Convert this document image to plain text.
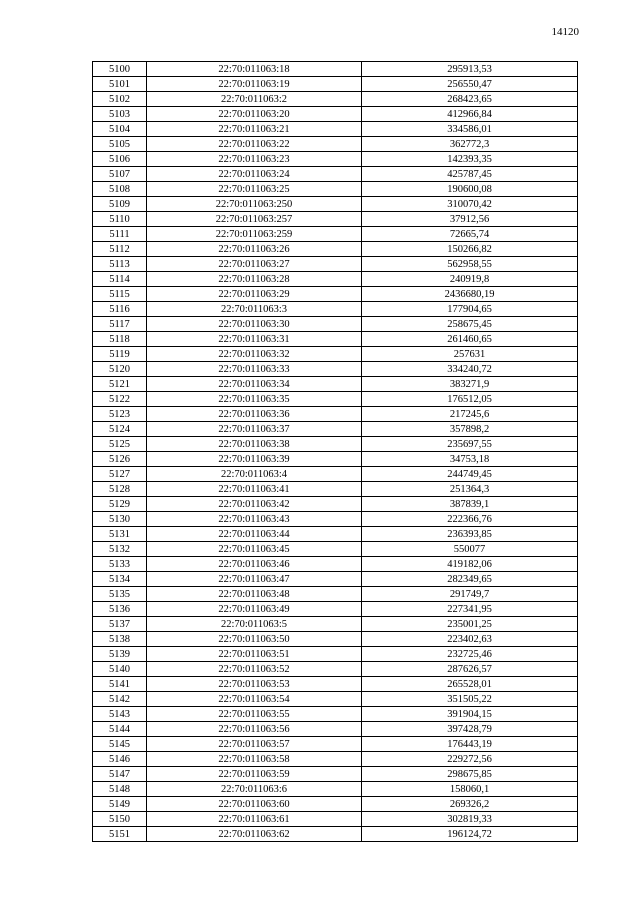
14120
5100	22:70:011063:18	295913,53
5101	22:70:011063:19	256550,47
5102	22:70:011063:2	268423,65
5103	22:70:011063:20	412966,84
5104	22:70:011063:21	334586,01
5105	22:70:011063:22	362772,3
5106	22:70:011063:23	142393,35
5107	22:70:011063:24	425787,45
5108	22:70:011063:25	190600,08
5109	22:70:011063:250	310070,42
5110	22:70:011063:257	37912,56
5111	22:70:011063:259	72665,74
5112	22:70:011063:26	150266,82
5113	22:70:011063:27	562958,55
5114	22:70:011063:28	240919,8
5115	22:70:011063:29	2436680,19
5116	22:70:011063:3	177904,65
5117	22:70:011063:30	258675,45
5118	22:70:011063:31	261460,65
5119	22:70:011063:32	257631
5120	22:70:011063:33	334240,72
5121	22:70:011063:34	383271,9
5122	22:70:011063:35	176512,05
5123	22:70:011063:36	217245,6
5124	22:70:011063:37	357898,2
5125	22:70:011063:38	235697,55
5126	22:70:011063:39	34753,18
5127	22:70:011063:4	244749,45
5128	22:70:011063:41	251364,3
5129	22:70:011063:42	387839,1
5130	22:70:011063:43	222366,76
5131	22:70:011063:44	236393,85
5132	22:70:011063:45	550077
5133	22:70:011063:46	419182,06
5134	22:70:011063:47	282349,65
5135	22:70:011063:48	291749,7
5136	22:70:011063:49	227341,95
5137	22:70:011063:5	235001,25
5138	22:70:011063:50	223402,63
5139	22:70:011063:51	232725,46
5140	22:70:011063:52	287626,57
5141	22:70:011063:53	265528,01
5142	22:70:011063:54	351505,22
5143	22:70:011063:55	391904,15
5144	22:70:011063:56	397428,79
5145	22:70:011063:57	176443,19
5146	22:70:011063:58	229272,56
5147	22:70:011063:59	298675,85
5148	22:70:011063:6	158060,1
5149	22:70:011063:60	269326,2
5150	22:70:011063:61	302819,33
5151	22:70:011063:62	196124,72
